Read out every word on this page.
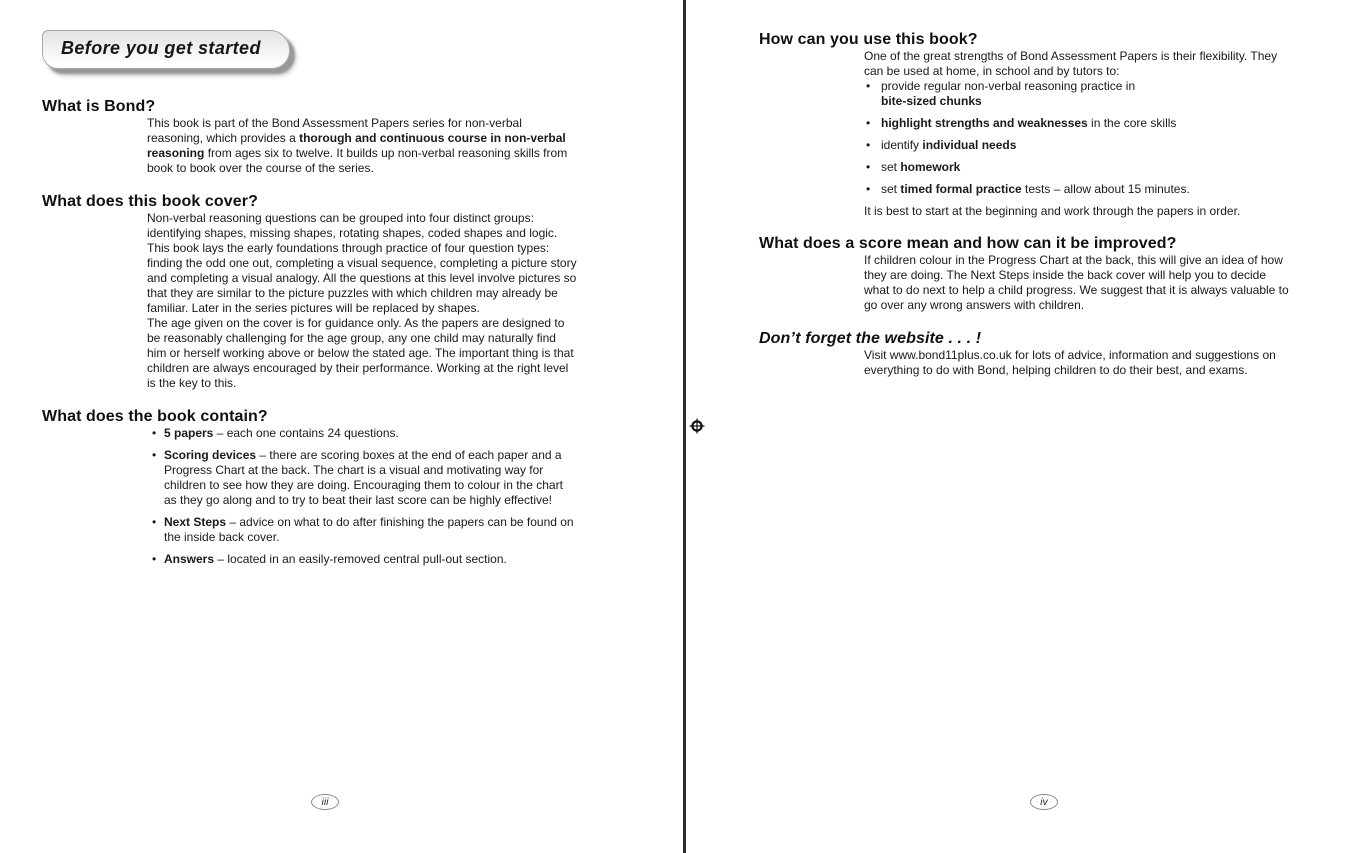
Before you get started
What is Bond?

This book is part of the Bond Assessment Papers series for non-verbal reasoning, which provides a thorough and continuous course in non-verbal reasoning from ages six to twelve. It builds up non-verbal reasoning skills from book to book over the course of the series.

What does this book cover?

Non-verbal reasoning questions can be grouped into four distinct groups: identifying shapes, missing shapes, rotating shapes, coded shapes and logic. This book lays the early foundations through practice of four question types: finding the odd one out, completing a visual sequence, completing a picture story and completing a visual analogy. All the questions at this level involve pictures so that they are similar to the picture puzzles with which children may already be familiar. Later in the series pictures will be replaced by shapes.

The age given on the cover is for guidance only. As the papers are designed to be reasonably challenging for the age group, any one child may naturally find him or herself working above or below the stated age. The important thing is that children are always encouraged by their performance. Working at the right level is the key to this.

What does the book contain?
• 5 papers – each one contains 24 questions.
• Scoring devices – there are scoring boxes at the end of each paper and a Progress Chart at the back. The chart is a visual and motivating way for children to see how they are doing. Encouraging them to colour in the chart as they go along and to try to beat their last score can be highly effective!
• Next Steps – advice on what to do after finishing the papers can be found on the inside back cover.
• Answers – located in an easily-removed central pull-out section.
iii
How can you use this book?

One of the great strengths of Bond Assessment Papers is their flexibility. They can be used at home, in school and by tutors to:

• provide regular non-verbal reasoning practice in
bite-sized chunks
• highlight strengths and weaknesses in the core skills
• identify individual needs
• set homework
• set timed formal practice tests – allow about 15 minutes.

It is best to start at the beginning and work through the papers in order.

What does a score mean and how can it be improved?

If children colour in the Progress Chart at the back, this will give an idea of how they are doing. The Next Steps inside the back cover will help you to decide what to do next to help a child progress. We suggest that it is always valuable to go over any wrong answers with children.

Don’t forget the website . . . !

Visit www.bond11plus.co.uk for lots of advice, information and suggestions on everything to do with Bond, helping children to do their best, and exams.

iv
